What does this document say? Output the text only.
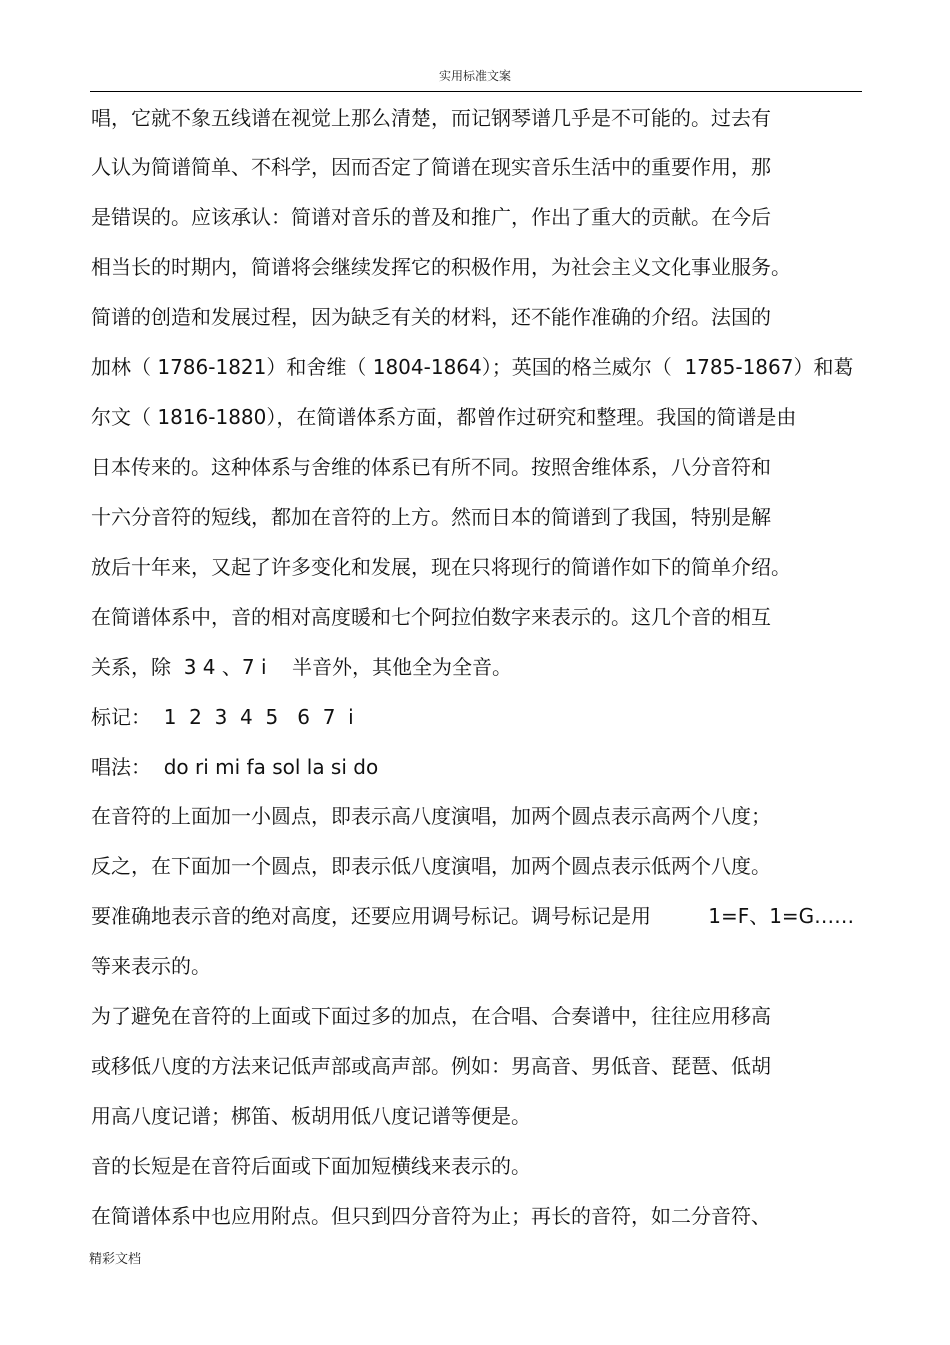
实用标准文案
唱，它就不象五线谱在视觉上那么清楚，而记钢琴谱几乎是不可能的。过去有
人认为简谱简单、不科学，因而否定了简谱在现实音乐生活中的重要作用，那
是错误的。应该承认：简谱对音乐的普及和推广，作出了重大的贡献。在今后
相当长的时期内，简谱将会继续发挥它的积极作用，为社会主义文化事业服务。
简谱的创造和发展过程，因为缺乏有关的材料，还不能作准确的介绍。法国的
加林（ 1786-1821）和舍维（ 1804-1864）；英国的格兰威尔（  1785-1867）和葛
尔文（ 1816-1880），在简谱体系方面，都曾作过研究和整理。我国的简谱是由
日本传来的。这种体系与舍维的体系已有所不同。按照舍维体系，八分音符和
十六分音符的短线，都加在音符的上方。然而日本的简谱到了我国，特别是解
放后十年来，又起了许多变化和发展，现在只将现行的简谱作如下的简单介绍。
在简谱体系中，音的相对高度暖和七个阿拉伯数字来表示的。这几个音的相互
关系，除  3 4 、7 i    半音外，其他全为全音。
标记：  1  2  3  4  5   6  7  i
唱法：  do ri mi fa sol la si do
在音符的上面加一小圆点，即表示高八度演唱，加两个圆点表示高两个八度；
反之，在下面加一个圆点，即表示低八度演唱，加两个圆点表示低两个八度。
要准确地表示音的绝对高度，还要应用调号标记。调号标记是用         1=F、1=G……
等来表示的。
为了避免在音符的上面或下面过多的加点，在合唱、合奏谱中，往往应用移高
或移低八度的方法来记低声部或高声部。例如：男高音、男低音、琵琶、低胡
用高八度记谱；梆笛、板胡用低八度记谱等便是。
音的长短是在音符后面或下面加短横线来表示的。
在简谱体系中也应用附点。但只到四分音符为止；再长的音符，如二分音符、
精彩文档
